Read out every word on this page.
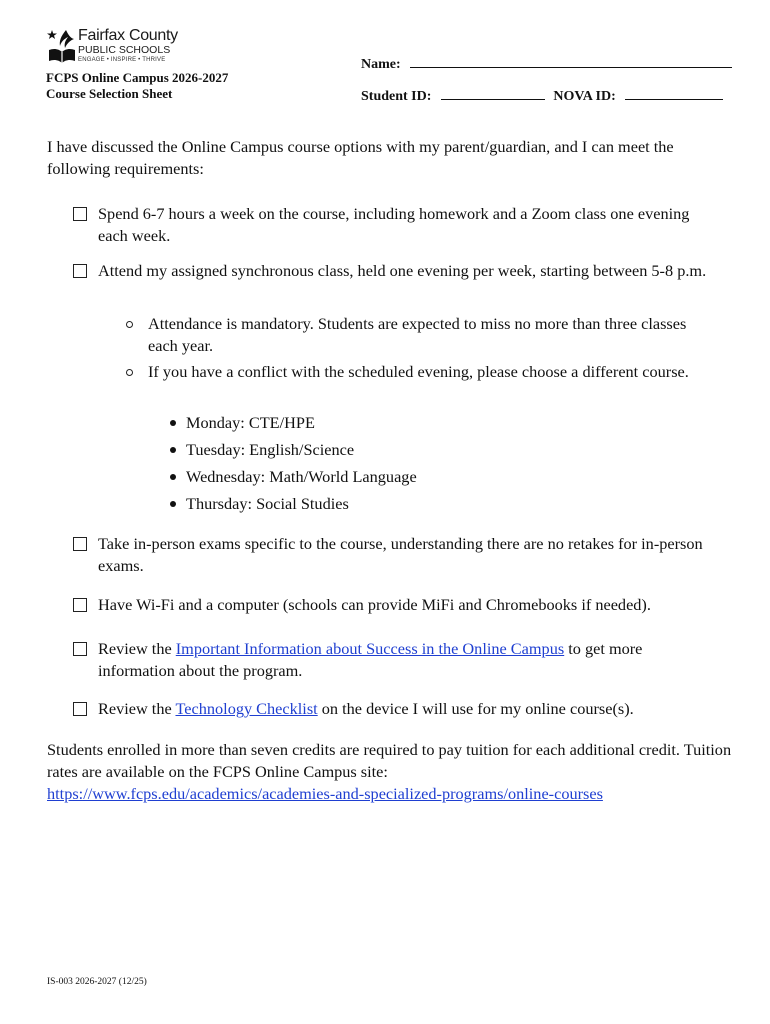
Fairfax County
PUBLIC SCHOOLS
ENGAGE • INSPIRE • THRIVE
FCPS Online Campus 2026-2027
Course Selection Sheet
Name:
Student ID:	NOVA ID:
I have discussed the Online Campus course options with my parent/guardian, and I can meet the following requirements:
Spend 6-7 hours a week on the course, including homework and a Zoom class one evening each week.
Attend my assigned synchronous class, held one evening per week, starting between 5-8 p.m.
Attendance is mandatory. Students are expected to miss no more than three classes each year.
If you have a conflict with the scheduled evening, please choose a different course.
Monday: CTE/HPE
Tuesday: English/Science
Wednesday: Math/World Language
Thursday: Social Studies
Take in-person exams specific to the course, understanding there are no retakes for in-person exams.
Have Wi-Fi and a computer (schools can provide MiFi and Chromebooks if needed).
Review the Important Information about Success in the Online Campus to get more information about the program.
Review the Technology Checklist on the device I will use for my online course(s).
Students enrolled in more than seven credits are required to pay tuition for each additional credit. Tuition rates are available on the FCPS Online Campus site:
https://www.fcps.edu/academics/academies-and-specialized-programs/online-courses
IS-003 2026-2027 (12/25)
